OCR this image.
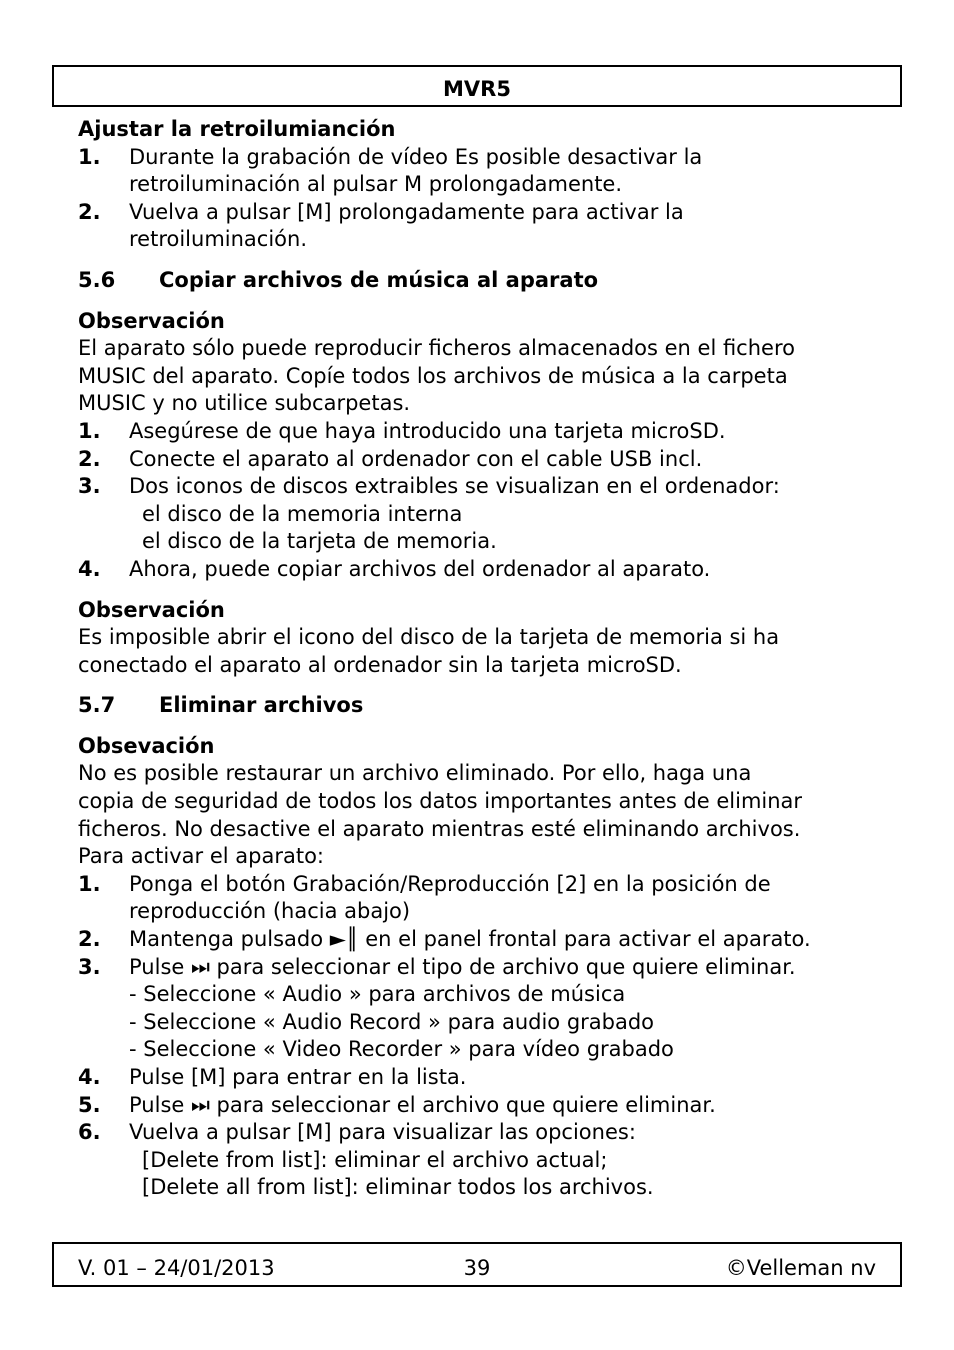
MVR5
Ajustar la retroilumianción
1.	Durante la grabación de vídeo Es posible desactivar la
retroiluminación al pulsar M prolongadamente.
2.	Vuelva a pulsar [M] prolongadamente para activar la
retroiluminación.
5.6	Copiar archivos de música al aparato
Observación

El aparato sólo puede reproducir ficheros almacenados en el fichero
MUSIC del aparato. Copíe todos los archivos de música a la carpeta
MUSIC y no utilice subcarpetas.

1.	Asegúrese de que haya introducido una tarjeta microSD.
2.	Conecte el aparato al ordenador con el cable USB incl.
3.	Dos iconos de discos extraibles se visualizan en el ordenador:
el disco de la memoria interna
el disco de la tarjeta de memoria.
4.	Ahora, puede copiar archivos del ordenador al aparato.
Observación

Es imposible abrir el icono del disco de la tarjeta de memoria si ha
conectado el aparato al ordenador sin la tarjeta microSD.

5.7	Eliminar archivos
Obsevación

No es posible restaurar un archivo eliminado. Por ello, haga una
copia de seguridad de todos los datos importantes antes de eliminar
ficheros. No desactive el aparato mientras esté eliminando archivos.
Para activar el aparato:

1.	Ponga el botón Grabación/Reproducción [2] en la posición de
reproducción (hacia abajo)
2.	Mantenga pulsado ►║ en el panel frontal para activar el aparato.
3.	Pulse ⏭ para seleccionar el tipo de archivo que quiere eliminar.
- Seleccione « Audio » para archivos de música
- Seleccione « Audio Record » para audio grabado
- Seleccione « Video Recorder » para vídeo grabado
4.	Pulse [M] para entrar en la lista.
5.	Pulse ⏭ para seleccionar el archivo que quiere eliminar.
6.	Vuelva a pulsar [M] para visualizar las opciones:
[Delete from list]: eliminar el archivo actual;
[Delete all from list]: eliminar todos los archivos.
V. 01 – 24/01/2013	39	©Velleman nv
